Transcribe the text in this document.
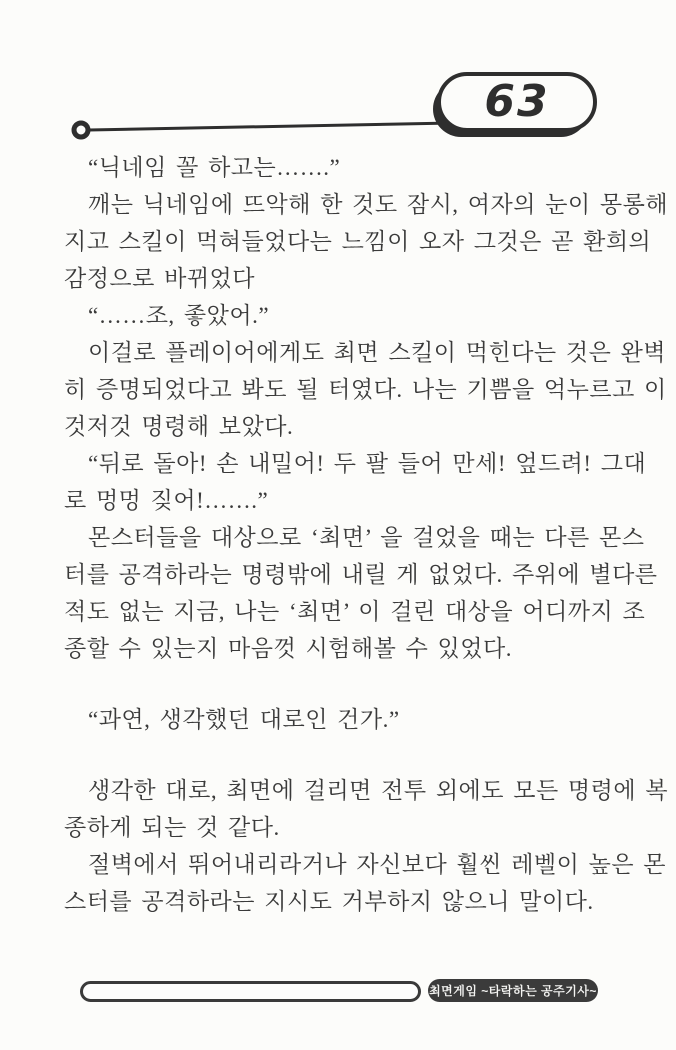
63

“닉네임 꼴 하고는…….”

깨는 닉네임에 뜨악해 한 것도 잠시, 여자의 눈이 몽롱해

지고 스킬이 먹혀들었다는 느낌이 오자 그것은 곧 환희의

감정으로 바뀌었다

“……조, 좋았어.”

이걸로 플레이어에게도 최면 스킬이 먹힌다는 것은 완벽

히 증명되었다고 봐도 될 터였다. 나는 기쁨을 억누르고 이

것저것 명령해 보았다.

“뒤로 돌아! 손 내밀어! 두 팔 들어 만세! 엎드려! 그대

로 멍멍 짖어!…….”

몬스터들을 대상으로 ‘최면’ 을 걸었을 때는 다른 몬스

터를 공격하라는 명령밖에 내릴 게 없었다. 주위에 별다른

적도 없는 지금, 나는 ‘최면’ 이 걸린 대상을 어디까지 조

종할 수 있는지 마음껏 시험해볼 수 있었다.

“과연, 생각했던 대로인 건가.”

생각한 대로, 최면에 걸리면 전투 외에도 모든 명령에 복

종하게 되는 것 같다.

절벽에서 뛰어내리라거나 자신보다 훨씬 레벨이 높은 몬

스터를 공격하라는 지시도 거부하지 않으니 말이다.

최면게임 ~타락하는 공주기사~
